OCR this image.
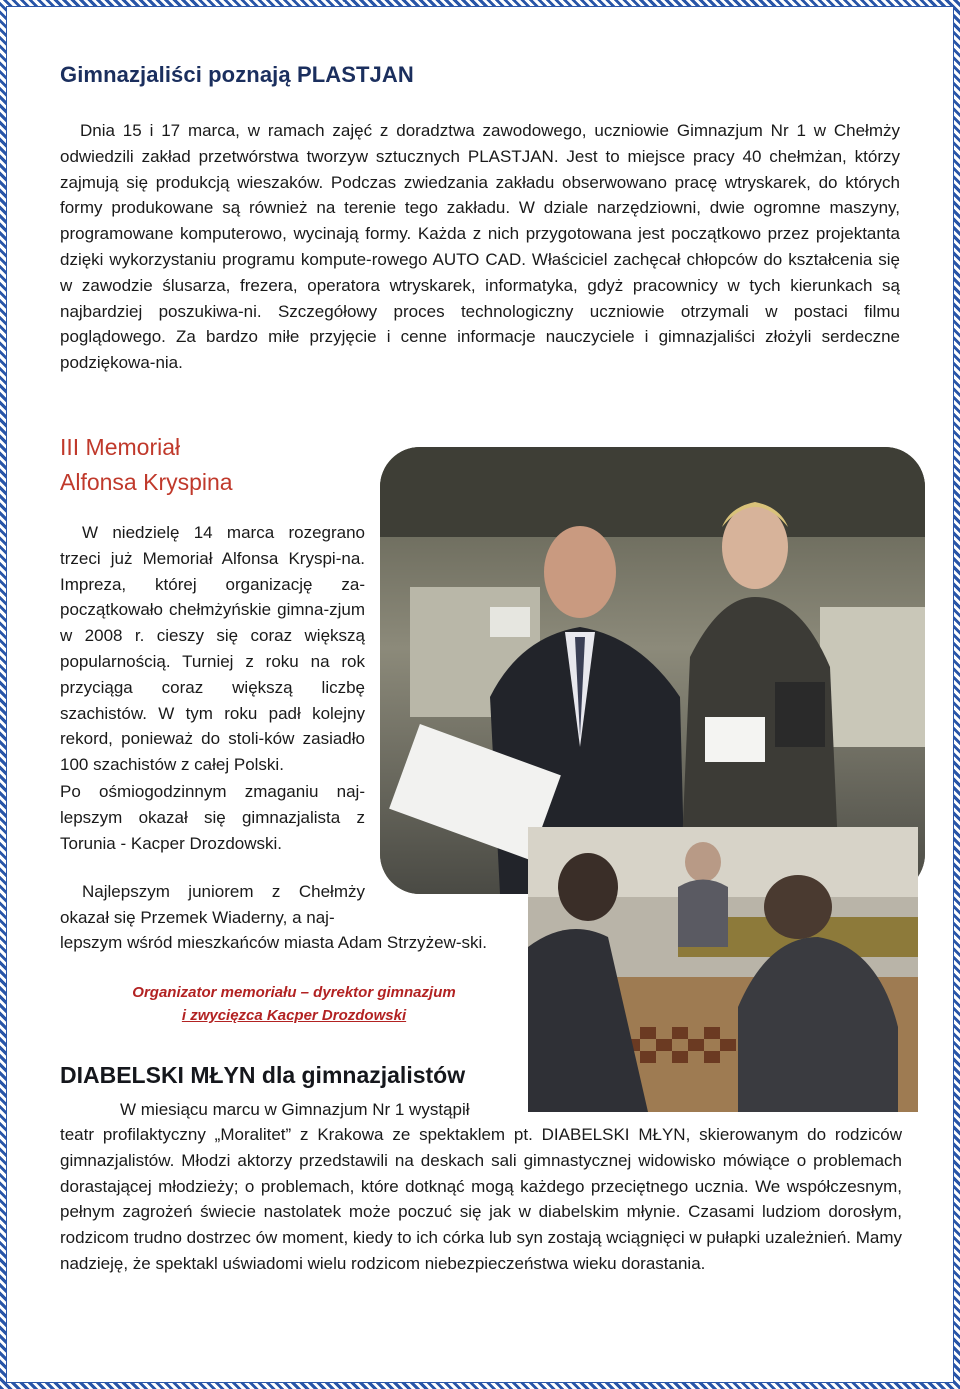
Gimnazjaliści poznają PLASTJAN

Dnia 15 i 17 marca, w ramach zajęć z doradztwa zawodowego, uczniowie Gimnazjum Nr 1 w Chełmży odwiedzili zakład przetwórstwa tworzyw sztucznych PLASTJAN. Jest to miejsce pracy 40 chełmżan, którzy zajmują się produkcją wieszaków. Podczas zwiedzania zakładu obserwowano pracę wtryskarek, do których formy produkowane są również na terenie tego zakładu. W dziale narzędziowni, dwie ogromne maszyny, programowane komputerowo, wycinają formy. Każda z nich przygotowana jest początkowo przez projektanta dzięki wykorzystaniu programu kompute-rowego AUTO CAD. Właściciel zachęcał chłopców do kształcenia się w zawodzie ślusarza, frezera, operatora wtryskarek, informatyka, gdyż pracownicy w tych kierunkach są najbardziej poszukiwa-ni. Szczegółowy proces technologiczny uczniowie otrzymali w postaci filmu poglądowego. Za bardzo miłe przyjęcie i cenne informacje nauczyciele i gimnazjaliści złożyli serdeczne podziękowa-nia.

III Memoriał
Alfonsa Kryspina

W niedzielę 14 marca rozegrano trzeci już Memoriał Alfonsa Kryspi-na. Impreza, której organizację za-początkowało chełmżyńskie gimna-zjum w 2008 r. cieszy się coraz większą popularnością. Turniej z roku na rok przyciąga coraz większą liczbę szachistów. W tym roku padł kolejny rekord, ponieważ do stoli-ków zasiadło 100 szachistów z całej Polski.

Po ośmiogodzinnym zmaganiu naj-lepszym okazał się gimnazjalista z Torunia - Kacper Drozdowski.

Najlepszym juniorem z Chełmży okazał się Przemek Wiaderny, a naj-

lepszym wśród mieszkańców miasta Adam Strzyżew-ski.

Organizator memoriału – dyrektor gimnazjum
i zwycięzca Kacper Drozdowski
DIABELSKI MŁYN dla gimnazjalistów

W miesiącu marcu w Gimnazjum Nr 1 wystąpił

teatr profilaktyczny „Moralitet” z Krakowa ze spektaklem pt. DIABELSKI MŁYN, skierowanym do rodziców gimnazjalistów. Młodzi aktorzy przedstawili na deskach sali gimnastycznej widowisko mówiące o problemach dorastającej młodzieży; o problemach, które dotknąć mogą każdego przeciętnego ucznia. We współczesnym, pełnym zagrożeń świecie nastolatek może poczuć się jak w diabelskim młynie. Czasami ludziom dorosłym, rodzicom trudno dostrzec ów moment, kiedy to ich córka lub syn zostają wciągnięci w pułapki uzależnień. Mamy nadzieję, że spektakl uświadomi wielu rodzicom niebezpieczeństwa wieku dorastania.
